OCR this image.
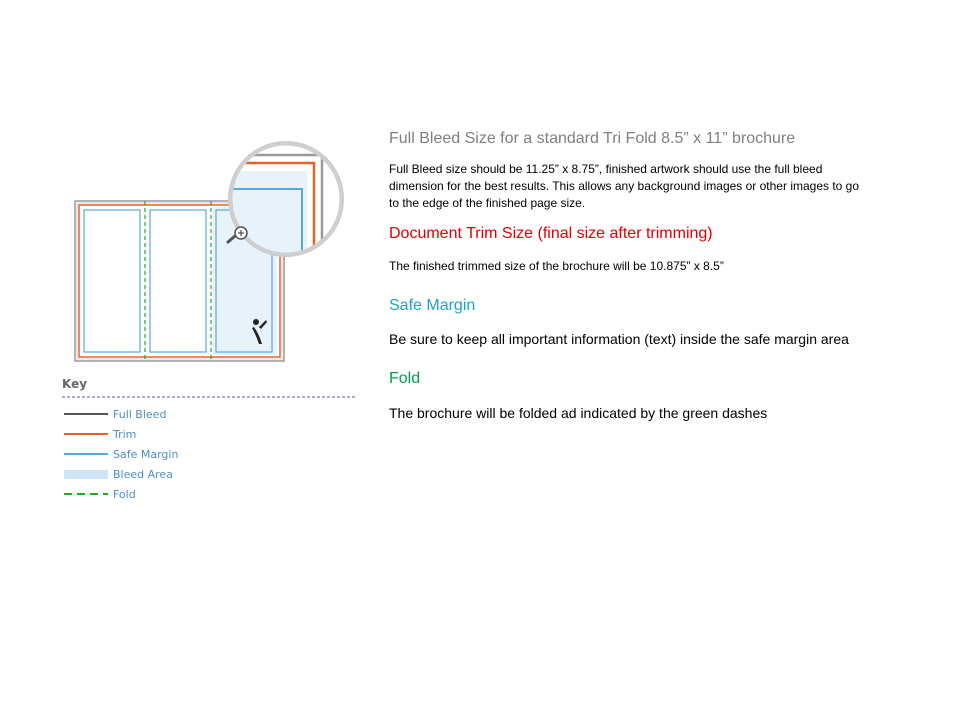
Key
Full Bleed
Trim
Safe Margin
Bleed Area
Fold

Full Bleed Size for a standard Tri Fold 8.5” x 11” brochure

Full Bleed size should be 11.25” x 8.75”, finished artwork should use the full bleed dimension for the best results. This allows any background images or other images to go to the edge of the finished page size.

Document Trim Size (final size after trimming)

The finished trimmed size of the brochure will be 10.875” x 8.5”

Safe Margin

Be sure to keep all important information (text) inside the safe margin area

Fold

The brochure will be folded ad indicated by the green dashes
